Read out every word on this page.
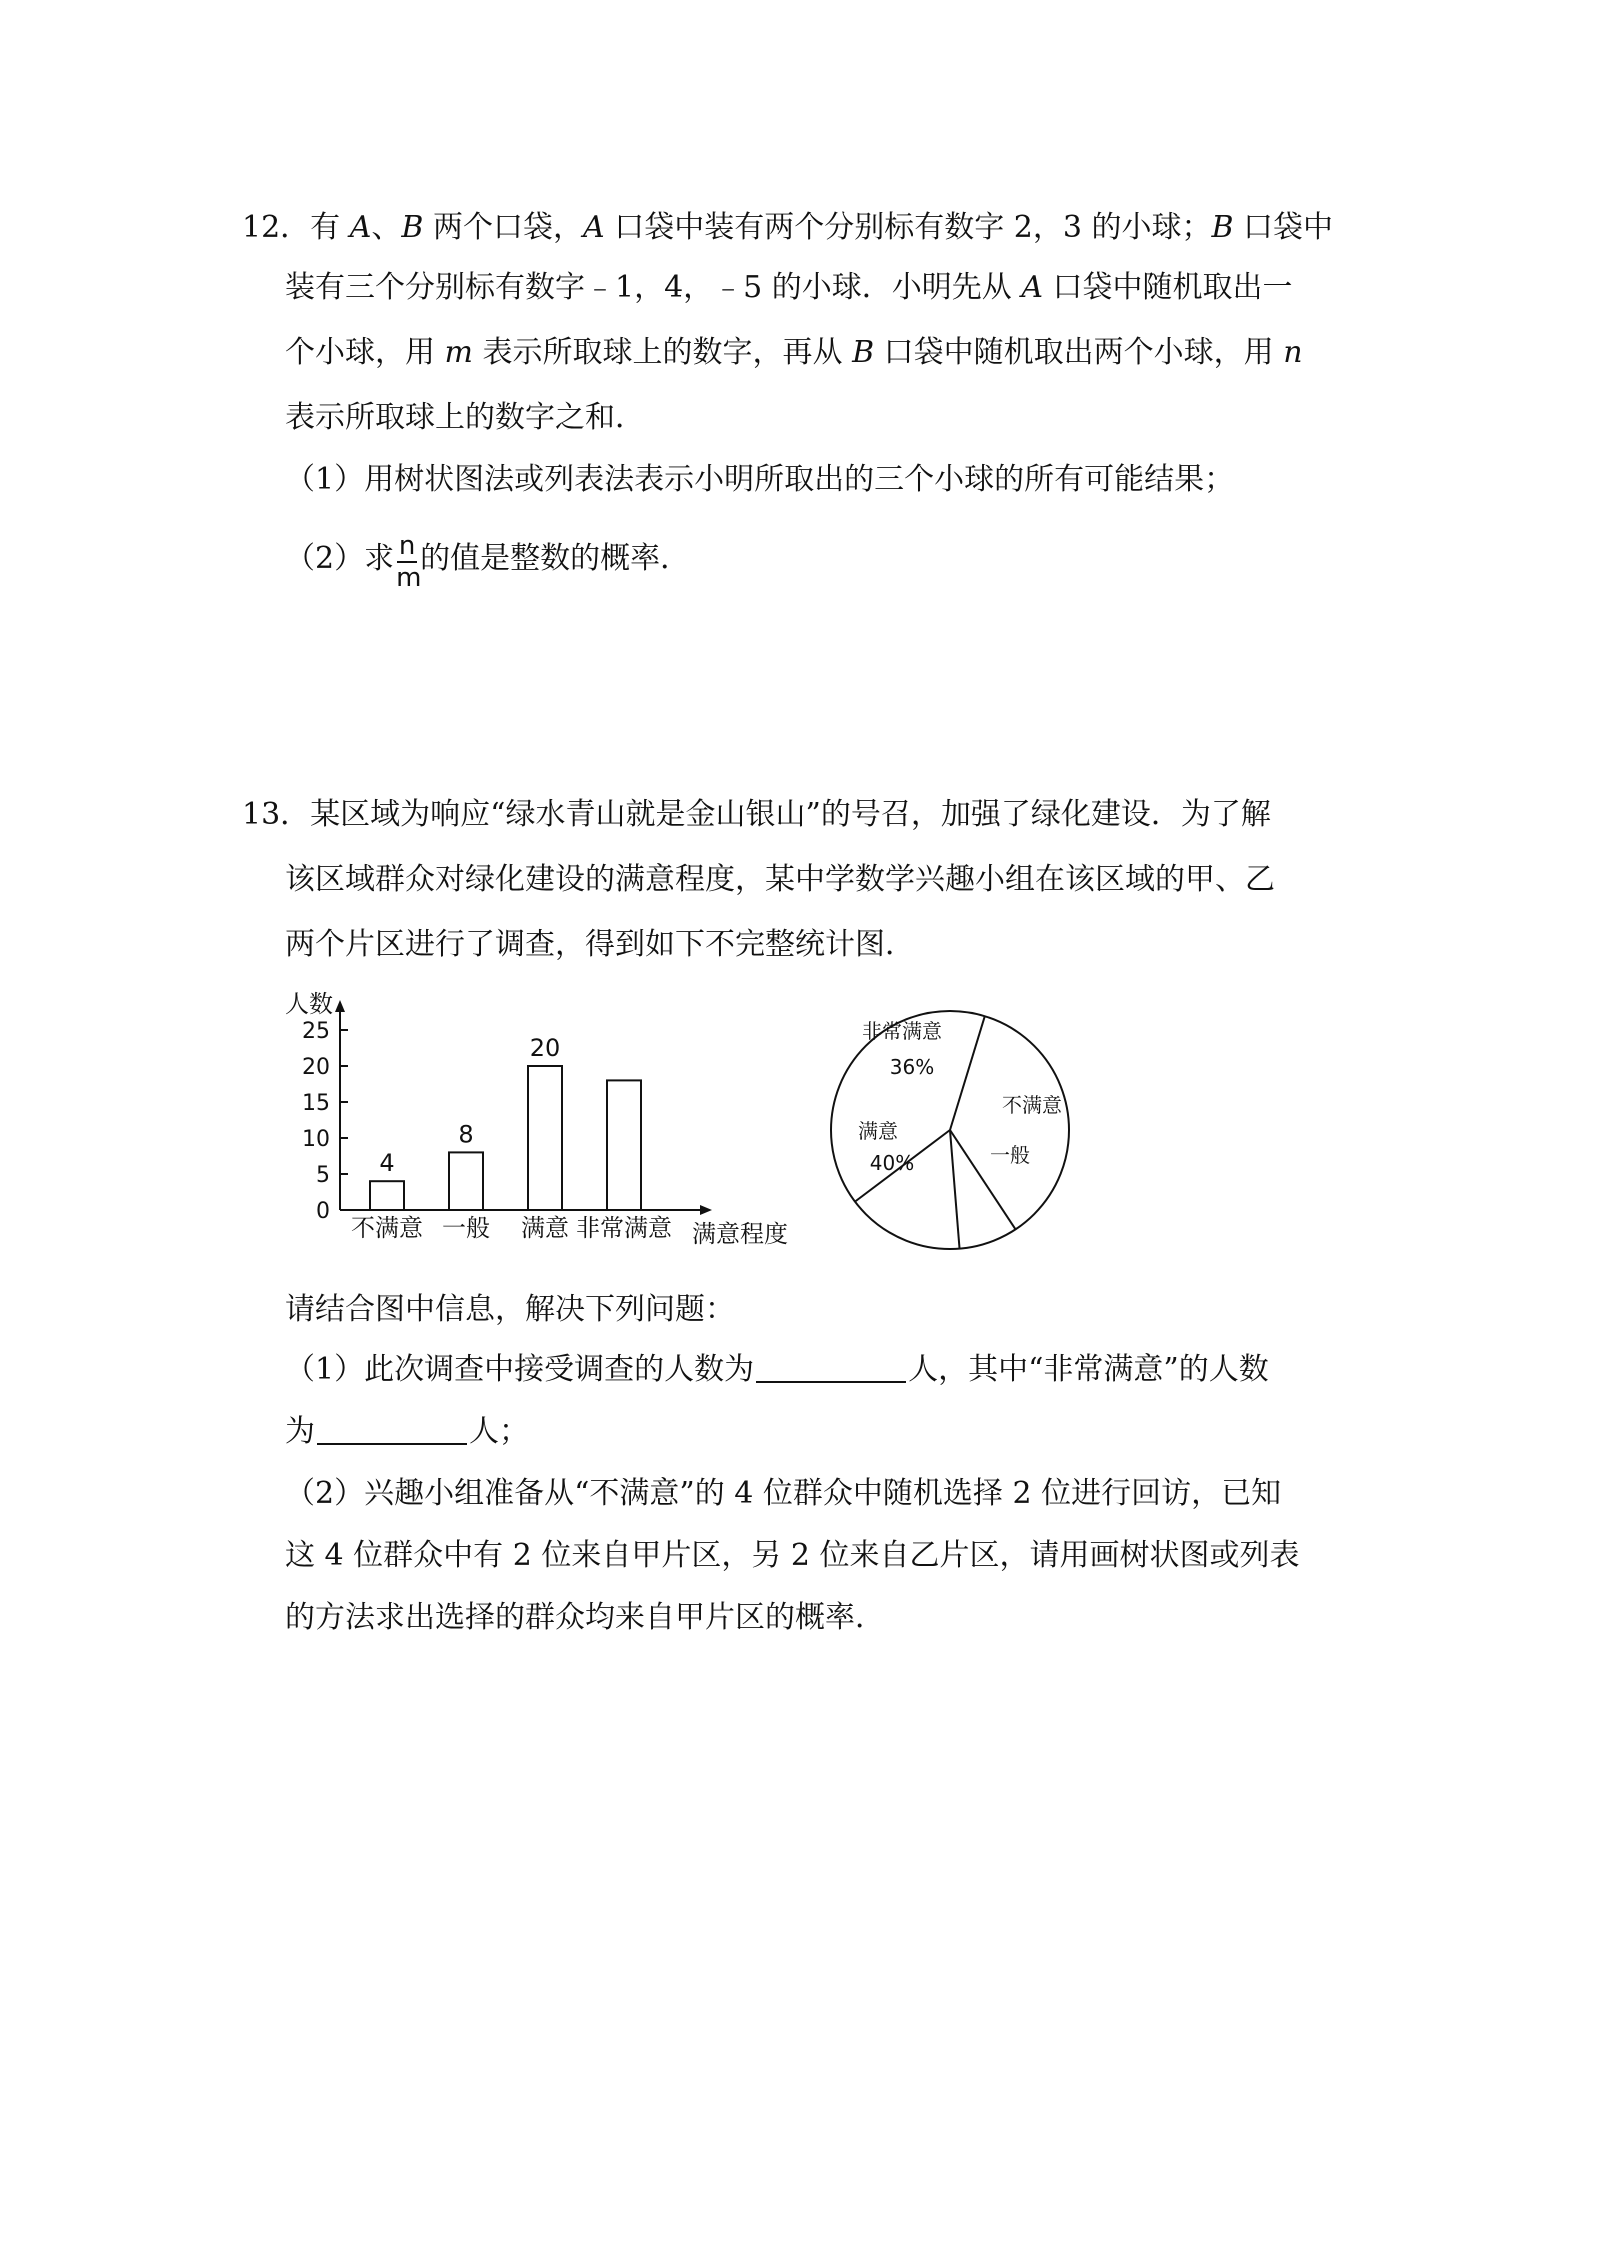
12．有 A、B 两个口袋，A 口袋中装有两个分别标有数字 2，3 的小球；B 口袋中
装有三个分别标有数字﹣1，4，﹣5 的小球．小明先从 A 口袋中随机取出一
个小球，用 m 表示所取球上的数字，再从 B 口袋中随机取出两个小球，用 n
表示所取球上的数字之和．
（1）用树状图法或列表法表示小明所取出的三个小球的所有可能结果；
（2）求 $\frac{n}{m}$ 的值是整数的概率．
13．某区域为响应“绿水青山就是金山银山”的号召，加强了绿化建设．为了解
该区域群众对绿化建设的满意程度，某中学数学兴趣小组在该区域的甲、乙
两个片区进行了调查，得到如下不完整统计图．
0
5
10
15
20
25
4
不满意
8
一般
20
满意 非常满意
人数
满意程度
非常满意
36%
不满意
一般
满意
40%
请结合图中信息，解决下列问题：
（1）此次调查中接受调查的人数为	人，其中“非常满意”的人数
为	人；
（2）兴趣小组准备从“不满意”的 4 位群众中随机选择 2 位进行回访，已知
这 4 位群众中有 2 位来自甲片区，另 2 位来自乙片区，请用画树状图或列表
的方法求出选择的群众均来自甲片区的概率．
